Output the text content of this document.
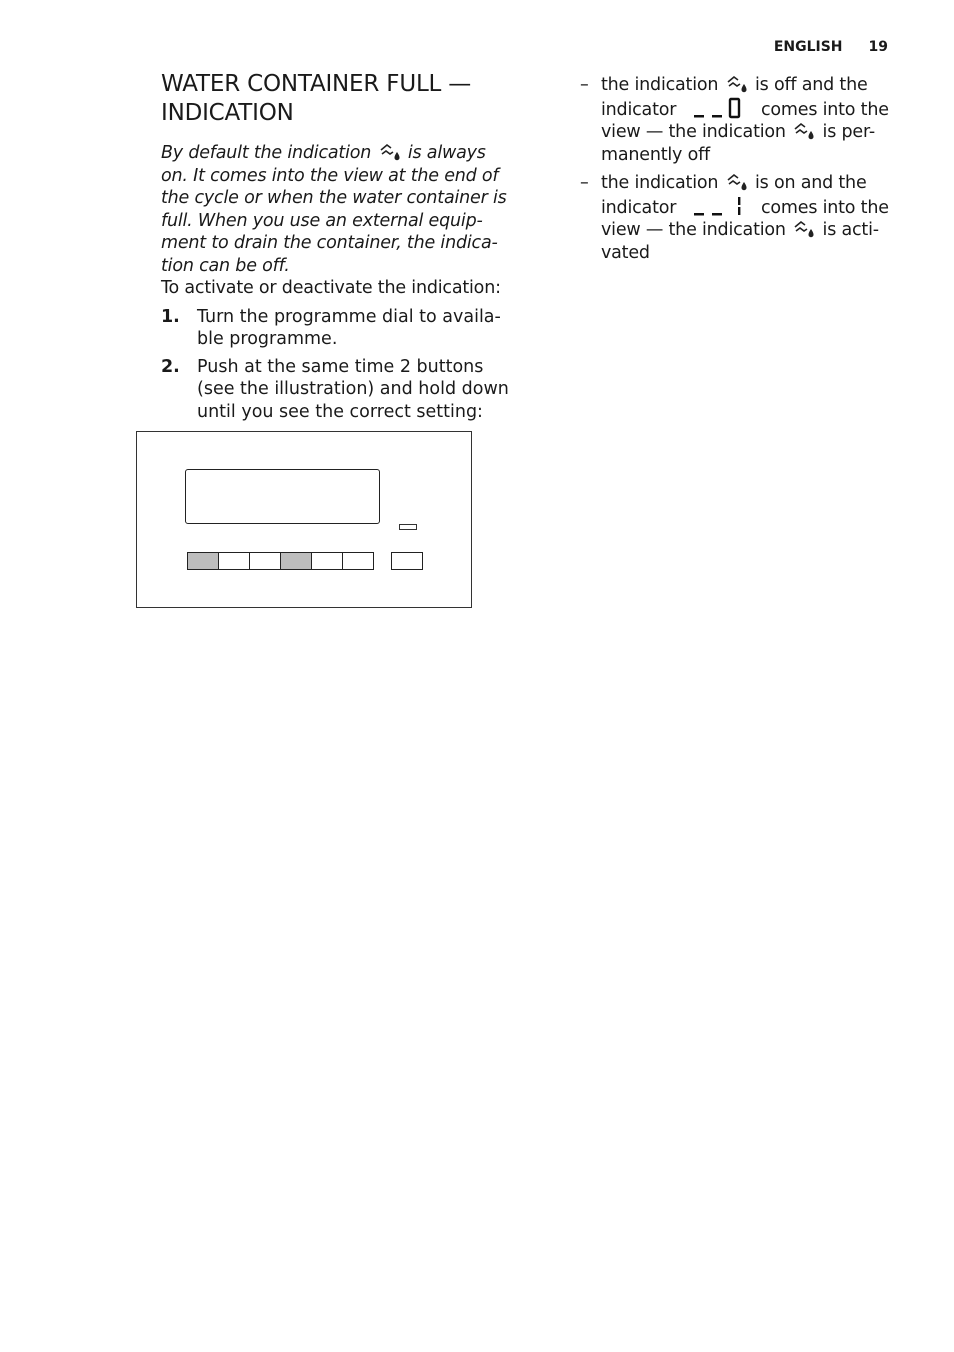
ENGLISH 19
WATER CONTAINER FULL — INDICATION

By default the indication  is always on. It comes into the view at the end of the cycle or when the water container is full. When you use an external equip-ment to drain the container, the indica-tion can be off.

To activate or deactivate the indication:

1. Turn the programme dial to availa-ble programme.
2. Push at the same time 2 buttons (see the illustration) and hold down until you see the correct setting:
– the indication  is off and the indicator	comes into the view — the indication  is per-manently off
– the indication  is on and the indicator	comes into the view — the indication  is acti-vated
